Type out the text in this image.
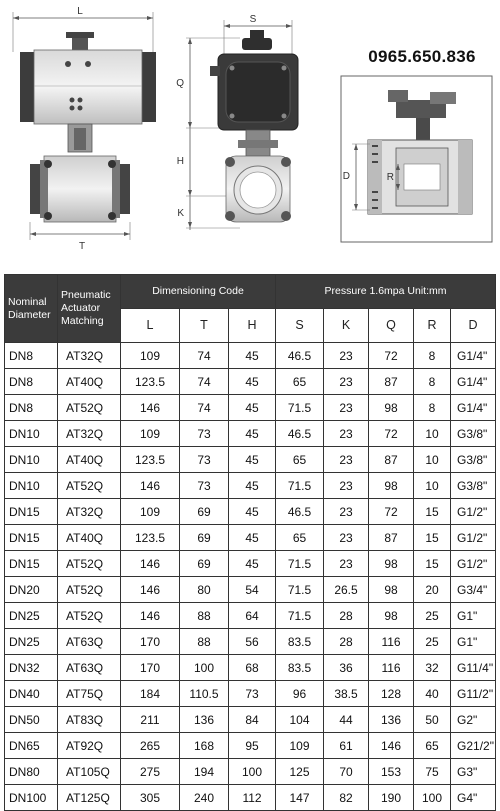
L
T
S
Q
H
K
D	R
0965.650.836
Nominal Diameter	Pneumatic Actuator Matching	Dimensioning Code			Pressure 1.6mpa Unit:mm				
		L	T	H	S	K	Q	R	D
DN8	AT32Q	109	74	45	46.5	23	72	8	G1/4"
DN8	AT40Q	123.5	74	45	65	23	87	8	G1/4"
DN8	AT52Q	146	74	45	71.5	23	98	8	G1/4"
DN10	AT32Q	109	73	45	46.5	23	72	10	G3/8"
DN10	AT40Q	123.5	73	45	65	23	87	10	G3/8"
DN10	AT52Q	146	73	45	71.5	23	98	10	G3/8"
DN15	AT32Q	109	69	45	46.5	23	72	15	G1/2"
DN15	AT40Q	123.5	69	45	65	23	87	15	G1/2"
DN15	AT52Q	146	69	45	71.5	23	98	15	G1/2"
DN20	AT52Q	146	80	54	71.5	26.5	98	20	G3/4"
DN25	AT52Q	146	88	64	71.5	28	98	25	G1"
DN25	AT63Q	170	88	56	83.5	28	116	25	G1"
DN32	AT63Q	170	100	68	83.5	36	116	32	G11/4"
DN40	AT75Q	184	110.5	73	96	38.5	128	40	G11/2"
DN50	AT83Q	211	136	84	104	44	136	50	G2"
DN65	AT92Q	265	168	95	109	61	146	65	G21/2"
DN80	AT105Q	275	194	100	125	70	153	75	G3"
DN100	AT125Q	305	240	112	147	82	190	100	G4"
